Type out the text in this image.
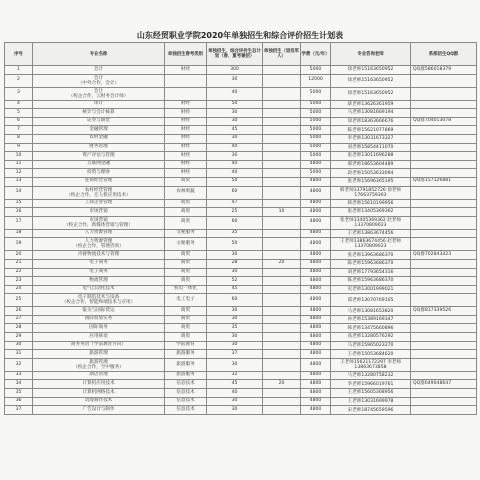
山东经贸职业学院2020年单独招生和综合评价招生计划表
序号	专业名称	单独招生春考类别	单独招生、综合评价生总计划（春、夏考兼招）	单独招生（退役军人）	学费（元/年）	专业咨询老师	系部招生QQ群
1	会计	财经	300		5000	徐老师15163650952	QQ群586018379
2	会计
（中外合作，会计）		30		12000	徐老师15163650952	
3	会计
（校企合作，云财务会计师）		40		5000	徐老师15163650952	
4	审计	财经	50		5000	薛老师13626361959	
5	统计与会计核算	财经	30		5000	马老师13081669194	
6	证券与期货	财经	30		5000	徐老师18363666676	QQ群704013078
7	金融管理	财经	45		5000	陈老师15621077869	
8	农村金融	财经	30		5000	李老师13031673327	
9	财务管理	财经	40		5000	刘老师15854411070	
10	资产评估与管理	财经	30		5000	张老师13011696288	
11	互联网金融	财经	40		4800	郝老师18653604489	
12	投资与理财	财经	40		5000	段老师15053633094	
13	连锁经营管理	商贸	50		4800	张老师15696365195	QQ群157126881
14	农村经营管理
（校企合作，无人机应用技术）	农林果蔬	60		4800	韩老师13791852726 徐老师17663759363	
15	工商企业管理	商贸	47		4800	韩老师15610199956	
16	市场营销	商贸	25	10	4800	张老师13405369362	
17	市场营销
（校企合作，新媒体营销与管理）	商贸	60		4800	张老师13405369362 赵老师13370809023	
18	人力资源管理	文秘服务	35		4800	王老师13863674456	
19	人力资源管理
（校企合作，管理咨询）	文秘服务	50		4800	王老师13863674456 赵老师13370809023	
20	冷链物流技术与管理	商贸	30		4800	张老师13963686370	QQ群702843423
21	电子商务	商贸	28	20	4800	陈老师15963686370	
22	电子商务	商贸	30		4800	刘老师17793654316	
23	物流管理	商贸	52		4800	陈老师15963686370	
24	电气自动化技术	机电一体化	45		4800	史老师13001999021	
25	电子制造技术与设备
（校企合作，智能终端技术与应用）	电工电子	60		4800	郑老师13070769105	
26	报关与国际货运	商贸	30		4800	马老师13081653820	QQ群817339526
27	国际贸易实务	商贸	30		4800	孙老师15389169347	
28	国际商务	商贸	35		4800	韩老师13475660896	
29	应用韩语	商贸	30		4800	高老师13280576292	
30	商务英语（学前教育方向）	学前教育	30		4800	马老师15965023270	
31	旅游管理	旅游服务	37		4800	王老师15053684620	
32	旅游管理
（校企合作，空中服务）	旅游服务	30		4800	王老师15621172297 李老师13863673858	
33	酒店管理	旅游服务	32		4800	马老师13280758232	
34	计算机应用技术	信息技术	45	20	4800	李老师15966019761	QQ群649048647
35	计算机网络技术	信息技术	40		4800	王老师15605368956	
36	动漫制作技术	信息技术	30		4800	王老师13031699978	
37	广告设计与制作	信息技术	30		4800	宋老师18745659596	
